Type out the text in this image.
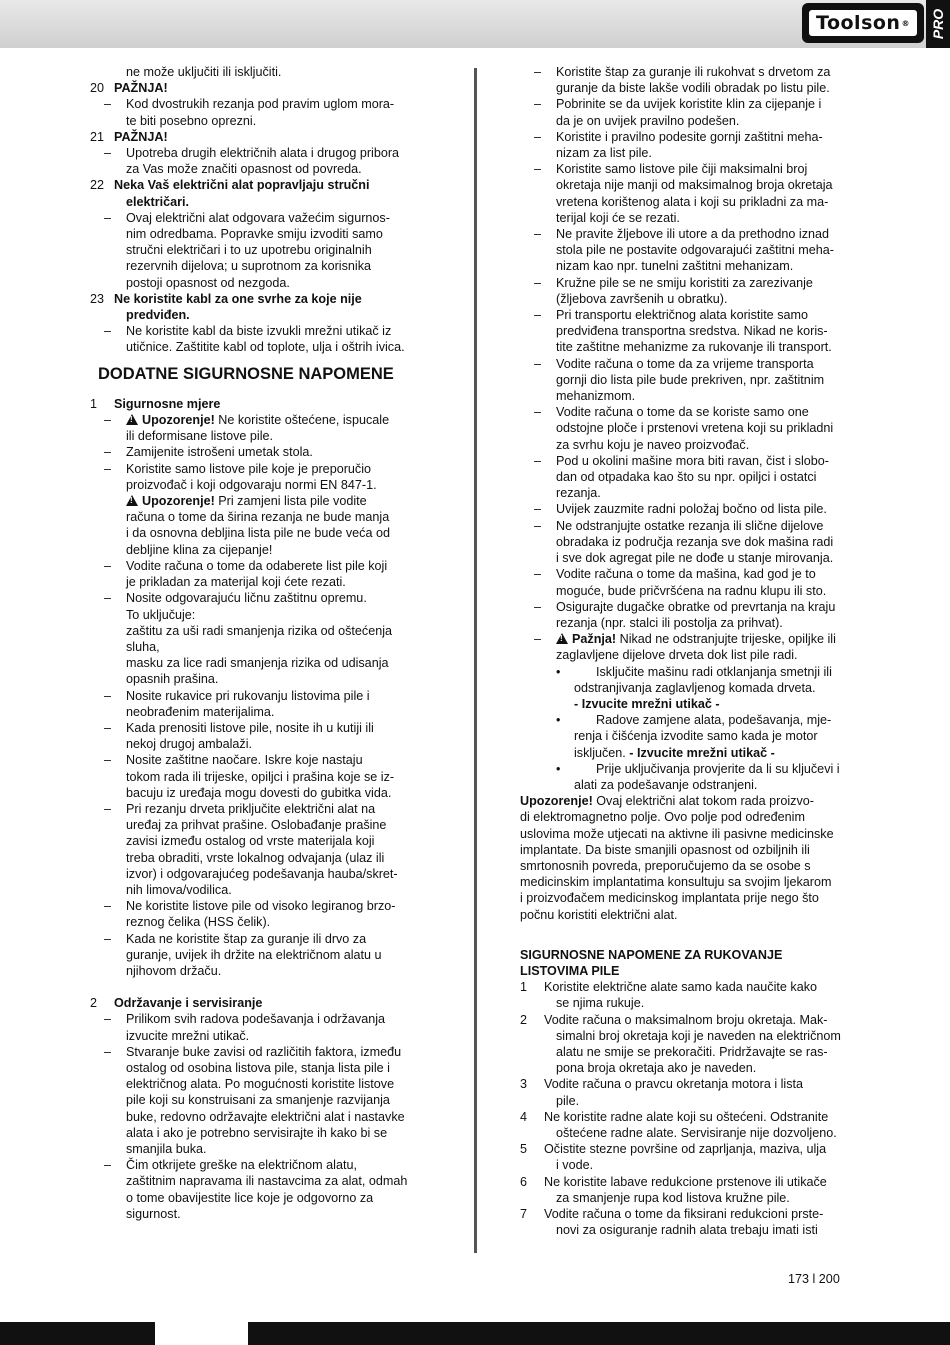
Toolson ® PRO
ne može uključiti ili isključiti.
20 PAŽNJA!
– Kod dvostrukih rezanja pod pravim uglom mora-
te biti posebno oprezni.
21 PAŽNJA!
– Upotreba drugih električnih alata i drugog pribora
za Vas može značiti opasnost od povreda.
22 Neka Vaš električni alat popravljaju stručni
električari.
– Ovaj električni alat odgovara važećim sigurnos-
nim odredbama. Popravke smiju izvoditi samo
stručni električari i to uz upotrebu originalnih
rezervnih dijelova; u suprotnom za korisnika
postoji opasnost od nezgoda.
23 Ne koristite kabl za one svrhe za koje nije
predviđen.
– Ne koristite kabl da biste izvukli mrežni utikač iz
utičnice. Zaštitite kabl od toplote, ulja i oštrih ivica.
DODATNE SIGURNOSNE NAPOMENE
1 Sigurnosne mjere
– ! Upozorenje! Ne koristite oštećene, ispucale
ili deformisane listove pile.
– Zamijenite istrošeni umetak stola.
– Koristite samo listove pile koje je preporučio
proizvođač i koji odgovaraju normi EN 847-1.
!Upozorenje! Pri zamjeni lista pile vodite
računa o tome da širina rezanja ne bude manja
i da osnovna debljina lista pile ne bude veća od
debljine klina za cijepanje!
– Vodite računa o tome da odaberete list pile koji
je prikladan za materijal koji ćete rezati.
– Nosite odgovarajuću ličnu zaštitnu opremu.
To uključuje:
zaštitu za uši radi smanjenja rizika od oštećenja
sluha,
masku za lice radi smanjenja rizika od udisanja
opasnih prašina.
– Nosite rukavice pri rukovanju listovima pile i
neobrađenim materijalima.
– Kada prenositi listove pile, nosite ih u kutiji ili
nekoj drugoj ambalaži.
– Nosite zaštitne naočare. Iskre koje nastaju
tokom rada ili trijeske, opiljci i prašina koje se iz-
bacuju iz uređaja mogu dovesti do gubitka vida.
– Pri rezanju drveta priključite električni alat na
uređaj za prihvat prašine. Oslobađanje prašine
zavisi između ostalog od vrste materijala koji
treba obraditi, vrste lokalnog odvajanja (ulaz ili
izvor) i odgovarajućeg podešavanja hauba/skret-
nih limova/vodilica.
– Ne koristite listove pile od visoko legiranog brzo-
reznog čelika (HSS čelik).
– Kada ne koristite štap za guranje ili drvo za
guranje, uvijek ih držite na električnom alatu u
njihovom držaču.
2 Održavanje i servisiranje
– Prilikom svih radova podešavanja i održavanja
izvucite mrežni utikač.
– Stvaranje buke zavisi od različitih faktora, između
ostalog od osobina listova pile, stanja lista pile i
električnog alata. Po mogućnosti koristite listove
pile koji su konstruisani za smanjenje razvijanja
buke, redovno održavajte električni alat i nastavke
alata i ako je potrebno servisirajte ih kako bi se
smanjila buka.
– Čim otkrijete greške na električnom alatu,
zaštitnim napravama ili nastavcima za alat, odmah
o tome obavijestite lice koje je odgovorno za
sigurnost.
– Koristite štap za guranje ili rukohvat s drvetom za
guranje da biste lakše vodili obradak po listu pile.
– Pobrinite se da uvijek koristite klin za cijepanje i
da je on uvijek pravilno podešen.
– Koristite i pravilno podesite gornji zaštitni meha-
nizam za list pile.
– Koristite samo listove pile čiji maksimalni broj
okretaja nije manji od maksimalnog broja okretaja
vretena korištenog alata i koji su prikladni za ma-
terijal koji će se rezati.
– Ne pravite žljebove ili utore a da prethodno iznad
stola pile ne postavite odgovarajući zaštitni meha-
nizam kao npr. tunelni zaštitni mehanizam.
– Kružne pile se ne smiju koristiti za zarezivanje
(žljebova završenih u obratku).
– Pri transportu električnog alata koristite samo
predviđena transportna sredstva. Nikad ne koris-
tite zaštitne mehanizme za rukovanje ili transport.
– Vodite računa o tome da za vrijeme transporta
gornji dio lista pile bude prekriven, npr. zaštitnim
mehanizmom.
– Vodite računa o tome da se koriste samo one
odstojne ploče i prstenovi vretena koji su prikladni
za svrhu koju je naveo proizvođač.
– Pod u okolini mašine mora biti ravan, čist i slobo-
dan od otpadaka kao što su npr. opiljci i ostatci
rezanja.
– Uvijek zauzmite radni položaj bočno od lista pile.
– Ne odstranjujte ostatke rezanja ili slične dijelove
obradaka iz područja rezanja sve dok mašina radi
i sve dok agregat pile ne dođe u stanje mirovanja.
– Vodite računa o tome da mašina, kad god je to
moguće, bude pričvršćena na radnu klupu ili sto.
– Osigurajte dugačke obratke od prevrtanja na kraju
rezanja (npr. stalci ili postolja za prihvat).
– ! Pažnja! Nikad ne odstranjujte trijeske, opiljke ili
zaglavljene dijelove drveta dok list pile radi.
•	Isključite mašinu radi otklanjanja smetnji ili
odstranjivanja zaglavljenog komada drveta.
- Izvucite mrežni utikač -
•	Radove zamjene alata, podešavanja, mje-
renja i čišćenja izvodite samo kada je motor
isključen. - Izvucite mrežni utikač -
•	Prije uključivanja provjerite da li su ključevi i
alati za podešavanje odstranjeni.
Upozorenje! Ovaj električni alat tokom rada proizvo-
di elektromagnetno polje. Ovo polje pod određenim
uslovima može utjecati na aktivne ili pasivne medicinske
implantate. Da biste smanjili opasnost od ozbiljnih ili
smrtonosnih povreda, preporučujemo da se osobe s
medicinskim implantatima konsultuju sa svojim ljekarom
i proizvođačem medicinskog implantata prije nego što
počnu koristiti električni alat.
SIGURNOSNE NAPOMENE ZA RUKOVANJE
LISTOVIMA PILE
1 Koristite električne alate samo kada naučite kako
se njima rukuje.
2 Vodite računa o maksimalnom broju okretaja. Mak-
simalni broj okretaja koji je naveden na električnom
alatu ne smije se prekoračiti. Pridržavajte se ras-
pona broja okretaja ako je naveden.
3 Vodite računa o pravcu okretanja motora i lista
pile.
4 Ne koristite radne alate koji su oštećeni. Odstranite
oštećene radne alate. Servisiranje nije dozvoljeno.
5 Očistite stezne površine od zaprljanja, maziva, ulja
i vode.
6 Ne koristite labave redukcione prstenove ili utikače
za smanjenje rupa kod listova kružne pile.
7 Vodite računa o tome da fiksirani redukcioni prste-
novi za osiguranje radnih alata trebaju imati isti
173 l 200
